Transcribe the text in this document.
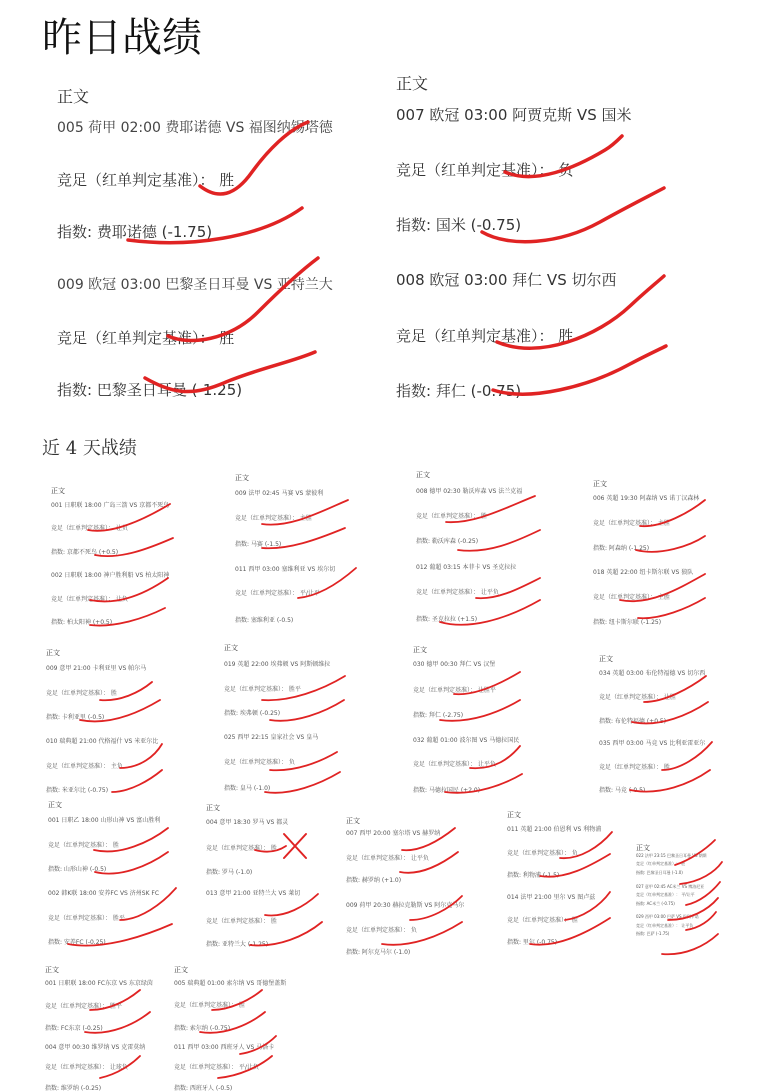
昨日战绩
正文
005 荷甲 02:00 费耶诺德 VS 福图纳锡塔德
竞足（红单判定基准）： 胜
指数: 费耶诺德 (-1.75)
009 欧冠 03:00 巴黎圣日耳曼 VS 亚特兰大
竞足（红单判定基准）： 胜
指数: 巴黎圣日耳曼 (-1.25)
正文
007 欧冠 03:00 阿贾克斯 VS 国米
竞足（红单判定基准）： 负
指数: 国米 (-0.75)
008 欧冠 03:00 拜仁 VS 切尔西
竞足（红单判定基准）： 胜
指数: 拜仁 (-0.75)
近 4 天战绩
正文
001 日职联 18:00 广岛三箭 VS 京都不死鸟
竞足（红单判定基准）： 让负
指数: 京都不死鸟 (+0.5)
002 日职联 18:00 神户胜利船 VS 柏太阳神
竞足（红单判定基准）： 让负
指数: 柏太阳神 (+0.5)
正文
009 法甲 02:45 马赛 VS 蒙彼利
竞足（红单判定基准）： 主胜
指数: 马赛 (-1.5)
011 西甲 03:00 塞维利亚 VS 埃尔切
竞足（红单判定基准）： 平/让平
指数: 塞维利亚 (-0.5)
正文
008 德甲 02:30 勒沃库森 VS 法兰克福
竞足（红单判定基准）： 胜
指数: 勒沃库森 (-0.25)
012 葡超 03:15 本菲卡 VS 圣克拉拉
竞足（红单判定基准）： 让平负
指数: 圣克拉拉 (+1.5)
正文
006 英超 19:30 阿森纳 VS 诺丁汉森林
竞足（红单判定基准）： 主胜
指数: 阿森纳 (-1.25)
018 英超 22:00 纽卡斯尔联 VS 狼队
竞足（红单判定基准）： 主胜
指数: 纽卡斯尔联 (-1.25)
正文
009 意甲 21:00 卡利亚里 VS 帕尔马
竞足（红单判定基准）： 胜
指数: 卡利亚里 (-0.5)
010 瑞典超 21:00 代格福什 VS 米亚尔比
竞足（红单判定基准）： 主负
指数: 米亚尔比 (-0.75)
正文
019 英超 22:00 埃弗顿 VS 阿斯顿维拉
竞足（红单判定基准）： 胜平
指数: 埃弗顿 (-0.25)
025 西甲 22:15 皇家社会 VS 皇马
竞足（红单判定基准）： 负
指数: 皇马 (-1.0)
正文
030 德甲 00:30 拜仁 VS 汉堡
竞足（红单判定基准）： 让胜平
指数: 拜仁 (-2.75)
032 葡超 01:00 波尔图 VS 马德拉国民
竞足（红单判定基准）： 让平负
指数: 马德拉国民 (+2.0)
正文
034 英超 03:00 布伦特福德 VS 切尔西
竞足（红单判定基准）： 让胜
指数: 布伦特福德 (+0.5)
035 西甲 03:00 马竞 VS 比利亚雷亚尔
竞足（红单判定基准）： 胜
指数: 马竞 (-0.5)
正文
001 日职乙 18:00 山形山神 VS 富山胜利
竞足（红单判定基准）： 胜
指数: 山形山神 (-0.5)
002 韩K联 18:00 安养FC VS 济州SK FC
竞足（红单判定基准）： 胜平
指数: 安养FC (-0.25)
正文
004 意甲 18:30 罗马 VS 都灵
竞足（红单判定基准）： 胜
指数: 罗马 (-1.0)
013 意甲 21:00 亚特兰大 VS 莱切
竞足（红单判定基准）： 胜
指数: 亚特兰大 (-1.25)
正文
007 西甲 20:00 塞尔塔 VS 赫罗纳
竞足（红单判定基准）： 让平负
指数: 赫罗纳 (+1.0)
009 荷甲 20:30 赫拉克勒斯 VS 阿尔克马尔
竞足（红单判定基准）： 负
指数: 阿尔克马尔 (-1.0)
正文
011 英超 21:00 伯恩利 VS 利物浦
竞足（红单判定基准）： 负
指数: 利物浦 (-1.5)
014 法甲 21:00 里尔 VS 图卢兹
竞足（红单判定基准）： 胜
指数: 里尔 (-0.75)
正文
022 法甲 23:15 巴黎圣日耳曼 VS 朗斯
竞足（红单判定基准）： 胜
指数: 巴黎圣日耳曼 (-1.0)
027 意甲 02:45 AC米兰 VS 博洛尼亚
竞足（红单判定基准）： 平/让平
指数: AC米兰 (-0.75)
029 西甲 03:00 巴萨 VS 巴列卡诺
竞足（红单判定基准）： 让平负
指数: 巴萨 (-1.75)
正文
001 日职联 18:00 FC东京 VS 东京绿茵
竞足（红单判定基准）： 胜平
指数: FC东京 (-0.25)
004 意甲 00:30 维罗纳 VS 克雷莫纳
竞足（红单判定基准）： 让球负
指数: 维罗纳 (-0.25)
正文
005 瑞典超 01:00 索尔纳 VS 哥德堡盖斯
竞足（红单判定基准）： 胜
指数: 索尔纳 (-0.75)
011 西甲 03:00 西班牙人 VS 马洛卡
竞足（红单判定基准）： 平/让负
指数: 西班牙人 (-0.5)
